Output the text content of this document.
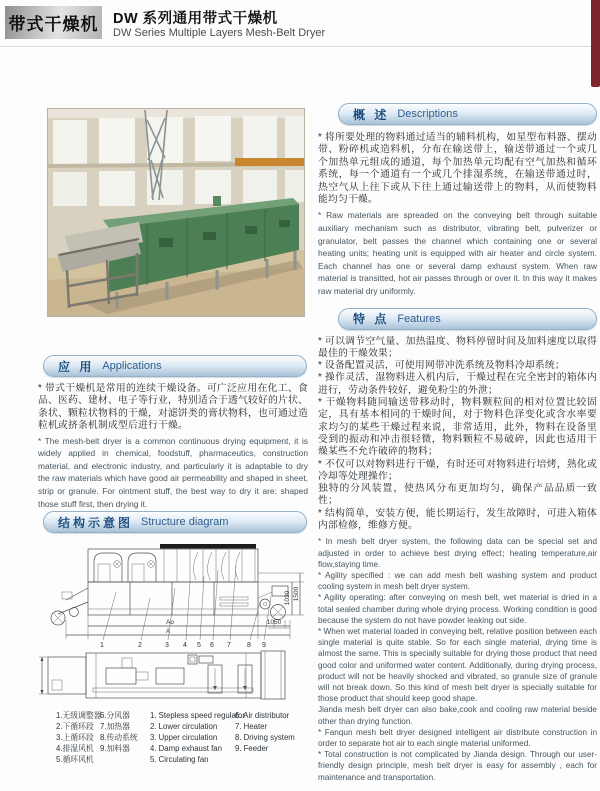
带式干燥机 DW 系列通用带式干燥机
DW Series Multiple Layers Mesh-Belt Dryer
概 述 Descriptions
* 将所要处理的物料通过适当的辅料机构，如星型布料器、摆动带、粉碎机或造料机，分布在输送带上，输送带通过一个或几个加热单元组成的通道，每个加热单元均配有空气加热和循环系统，每一个通道有一个或几个排湿系统，在输送带通过时，热空气从上往下或从下往上通过输送带上的物料，从而使物料能均匀干燥。
* Raw materials are spreaded on the conveying belt through suitable auxiliary mechanism such as distributor, vibrating belt, pulverizer or granulator, belt passes the channel which containing one or several heating units; heating unit is equipped with air heater and circle system. Each channel has one or several damp exhaust system. When raw material is transitted, hot air passes through or over it. In this way it makes raw material dry uniformly.
特 点 Features

* 可以调节空气量、加热温度、物料停留时间及加料速度以取得最佳的干燥效果；

* 设备配置灵活，可使用网带冲洗系统及物料冷却系统；

* 操作灵活，湿物料进入机内后，干燥过程在完全密封的箱体内进行，劳动条件较好，避免粉尘的外泄；

* 干燥物料随同输送带移动时，物料颗粒间的相对位置比较固定，具有基本相同的干燥时间，对于物料色泽变化或含水率要求均匀的某些干燥过程来说，非常适用，此外，物料在设备里受到的振动和冲击很轻微，物料颗粒不易破碎，因此也适用干燥某些不允许破碎的物料；

* 不仅可以对物料进行干燥，有时还可对物料进行培烤，熟化或冷却等处理操作；

独特的分风装置，使热风分布更加均匀，确保产品品质一致性；

* 结构简单，安装方便，能长期运行，发生故障时，可进入箱体内部检修，维修方便。

* In mesh belt dryer system, the following data can be special set and adjusted in order to achieve best drying effect；heating temperature,air flow,staying time.

* Agility specified : we can add mesh belt washing system and product cooling system in mesh belt dryer system.

* Agility operating: after conveying on mesh belt, wet material is dried in a total sealed chamber during whole drying process. Working condition is good because the system do not have powder leaking out side.

* When wet material loaded in conveying belt, relative position between each single material is quite stable. So for each single material, drying time is almost the same. This is specially suitable for drying those product that need good color and uniformed water content. Additionally, during drying process, product will not be heavily shocked and vibrated, so granule size of granule will not break down. So this kind of mesh belt dryer is specially suitable for those product that should keep good shape.

Jianda mesh belt dryer can also bake,cook and cooling raw material beside other than drying function.

* Fanqun mesh belt dryer designed intelligent air distribute construction in order to separate hot air to each single material uniformed.

* Total construction is not complicated by Jianda design. Through our user-friendly design principle, mesh belt dryer is easy for assembly , each for maintenance and transportation.

应 用 Applications
* 带式干燥机是常用的连续干燥设备。可广泛应用在化工、食品、医药、建材、电子等行业，特别适合于透气较好的片状、条状、颗粒状物料的干燥，对滤饼类的膏状物料，也可通过造粒机或挤条机制成型后进行干燥。
* The mesh-belt dryer is a common continuous drying equipment, it is widely applied in chemical, foodstuff, pharmaceutics, construction material, and electronic industry, and particularly it is adaptable to dry the raw materials which have good air permeability and shaped in sheet, strip or granule. For ointment stuff, the best way to dry it are: shaped those stuff first, then drying it.
结构示意图 Structure diagram
1030 1500
Ao	1050
A
1	2	3 4 5 6 7 8 9
1.无级调整器
2.下循环段
3.上循环段
4.排湿风机
5.循环风机
6.分风器
7.加热器
8.传动系统
9.加料器
1. Stepless speed regulator
2. Lower circulation
3. Upper circulation
4. Damp exhaust fan
5. Circulating fan
6. Air distributor
7. Heater
8. Driving system
9. Feeder
